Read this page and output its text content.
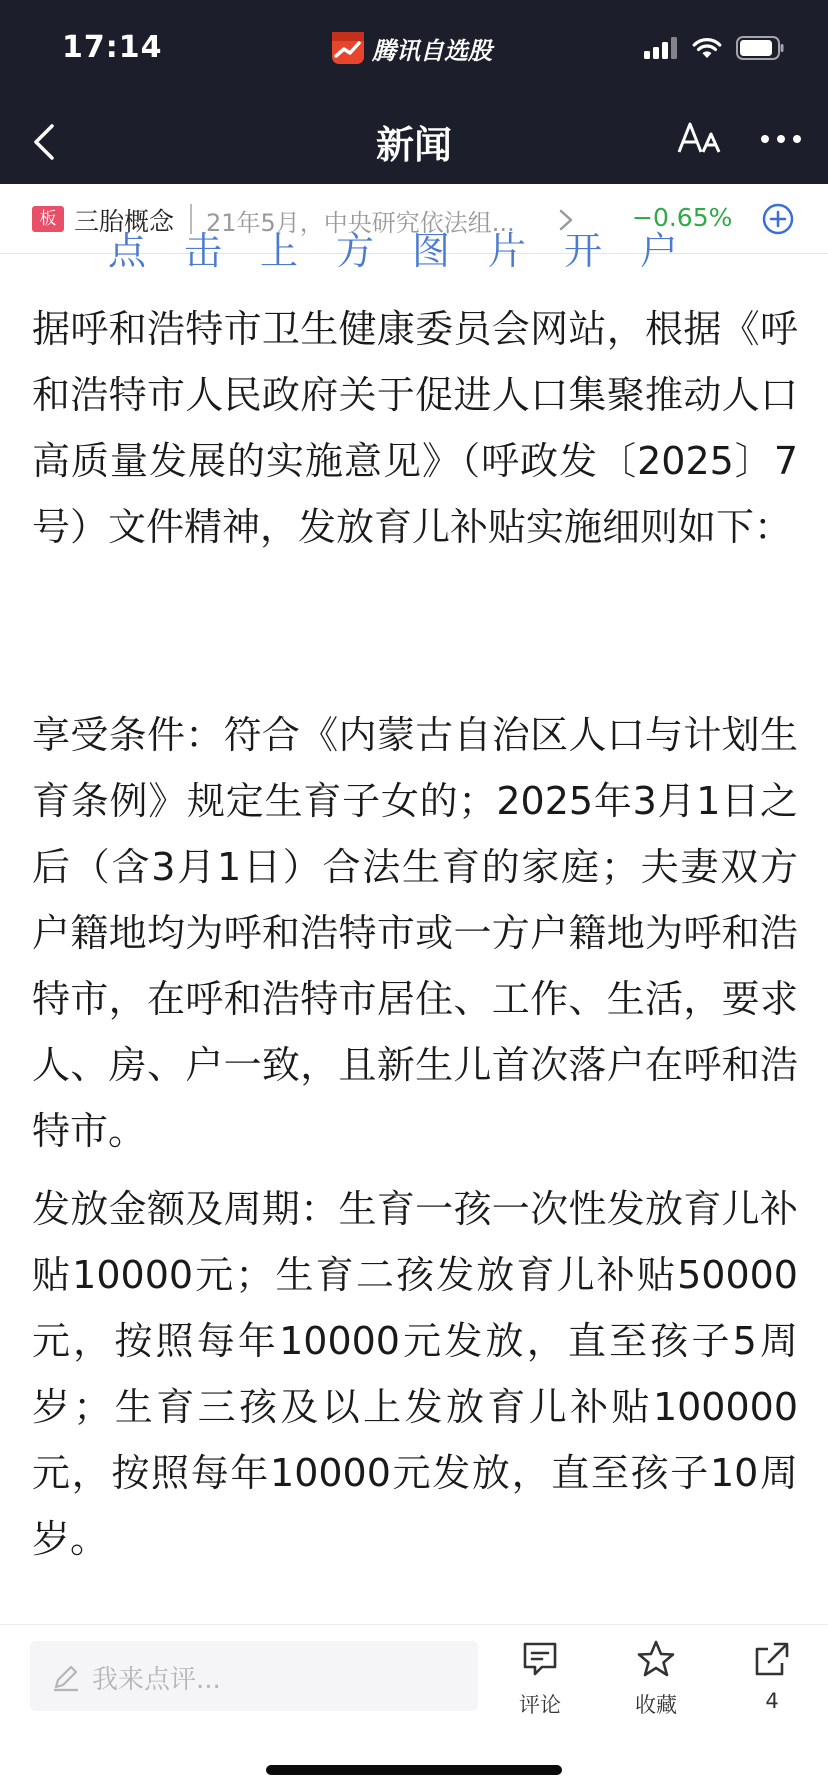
17:14	腾讯自选股
新闻
板 三胎概念 21年5月，中央研究依法组...	−0.65%
点击上方图片开户

据呼和浩特市卫生健康委员会网站，根据《呼和浩特市人民政府关于促进人口集聚推动人口高质量发展的实施意见》（呼政发〔2025〕7号）文件精神，发放育儿补贴实施细则如下：

享受条件：符合《内蒙古自治区人口与计划生育条例》规定生育子女的；2025年3月1日之后（含3月1日）合法生育的家庭；夫妻双方户籍地均为呼和浩特市或一方户籍地为呼和浩特市，在呼和浩特市居住、工作、生活，要求人、房、户一致，且新生儿首次落户在呼和浩特市。

发放金额及周期：生育一孩一次性发放育儿补贴10000元；生育二孩发放育儿补贴50000元，按照每年10000元发放，直至孩子5周岁；生育三孩及以上发放育儿补贴100000元，按照每年10000元发放，直至孩子10周岁。

我来点评...
评论	收藏	4
